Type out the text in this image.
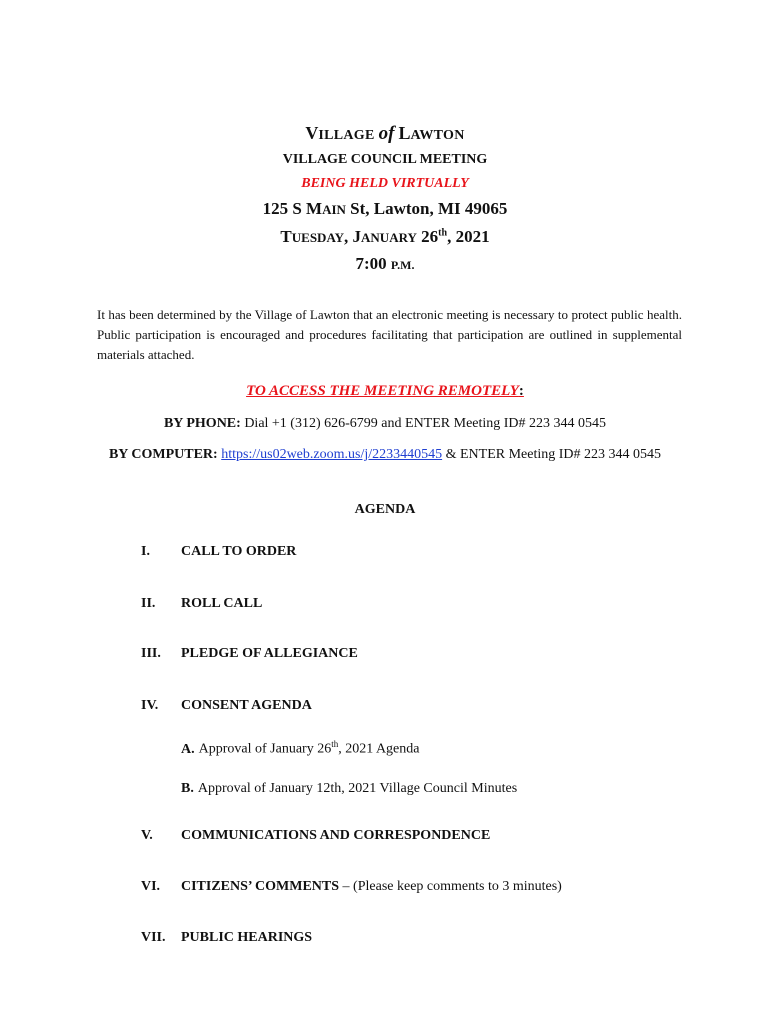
VILLAGE of LAWTON
VILLAGE COUNCIL MEETING
BEING HELD VIRTUALLY
125 S MAIN St, Lawton, MI 49065
TUESDAY, JANUARY 26th, 2021
7:00 P.M.
It has been determined by the Village of Lawton that an electronic meeting is necessary to protect public health. Public participation is encouraged and procedures facilitating that participation are outlined in supplemental materials attached.
TO ACCESS THE MEETING REMOTELY:
BY PHONE: Dial +1 (312) 626-6799 and ENTER Meeting ID# 223 344 0545
BY COMPUTER: https://us02web.zoom.us/j/2233440545 & ENTER Meeting ID# 223 344 0545
AGENDA
I. CALL TO ORDER
II. ROLL CALL
III. PLEDGE OF ALLEGIANCE
IV. CONSENT AGENDA
A. Approval of January 26th, 2021 Agenda
B. Approval of January 12th, 2021 Village Council Minutes
V. COMMUNICATIONS AND CORRESPONDENCE
VI. CITIZENS’ COMMENTS – (Please keep comments to 3 minutes)
VII. PUBLIC HEARINGS
